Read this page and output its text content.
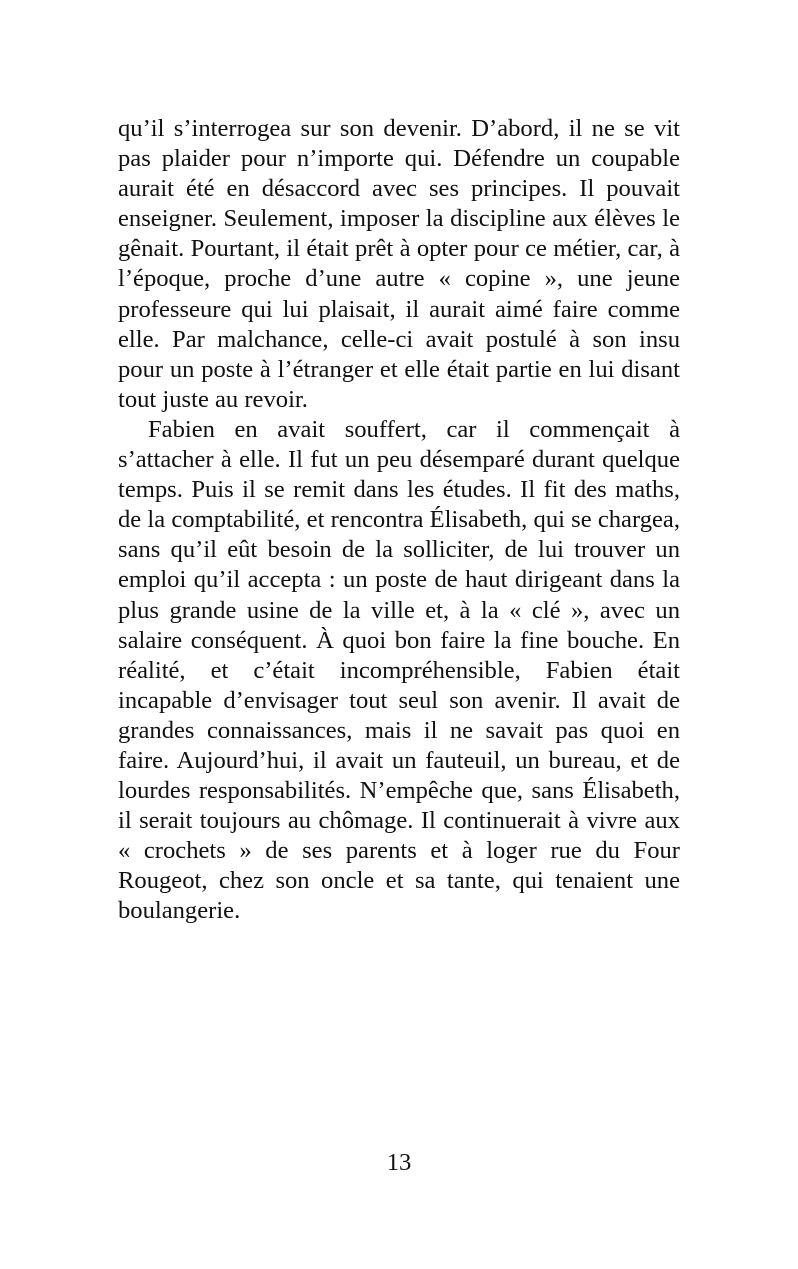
qu’il s’interrogea sur son devenir. D’abord, il ne se vit pas plaider pour n’importe qui. Défendre un coupable aurait été en désaccord avec ses principes. Il pouvait enseigner. Seulement, imposer la discipline aux élèves le gênait. Pourtant, il était prêt à opter pour ce métier, car, à l’époque, proche d’une autre « copine », une jeune professeure qui lui plaisait, il aurait aimé faire comme elle. Par malchance, celle-ci avait postulé à son insu pour un poste à l’étranger et elle était partie en lui disant tout juste au revoir.

Fabien en avait souffert, car il commençait à s’attacher à elle. Il fut un peu désemparé durant quelque temps. Puis il se remit dans les études. Il fit des maths, de la comptabilité, et rencontra Élisabeth, qui se chargea, sans qu’il eût besoin de la solliciter, de lui trouver un emploi qu’il accepta : un poste de haut dirigeant dans la plus grande usine de la ville et, à la « clé », avec un salaire conséquent. À quoi bon faire la fine bouche. En réalité, et c’était incompréhensible, Fabien était incapable d’envisager tout seul son avenir. Il avait de grandes connaissances, mais il ne savait pas quoi en faire. Aujourd’hui, il avait un fauteuil, un bureau, et de lourdes responsabilités. N’empêche que, sans Élisabeth, il serait toujours au chômage. Il continuerait à vivre aux « crochets » de ses parents et à loger rue du Four Rougeot, chez son oncle et sa tante, qui tenaient une boulangerie.

13
